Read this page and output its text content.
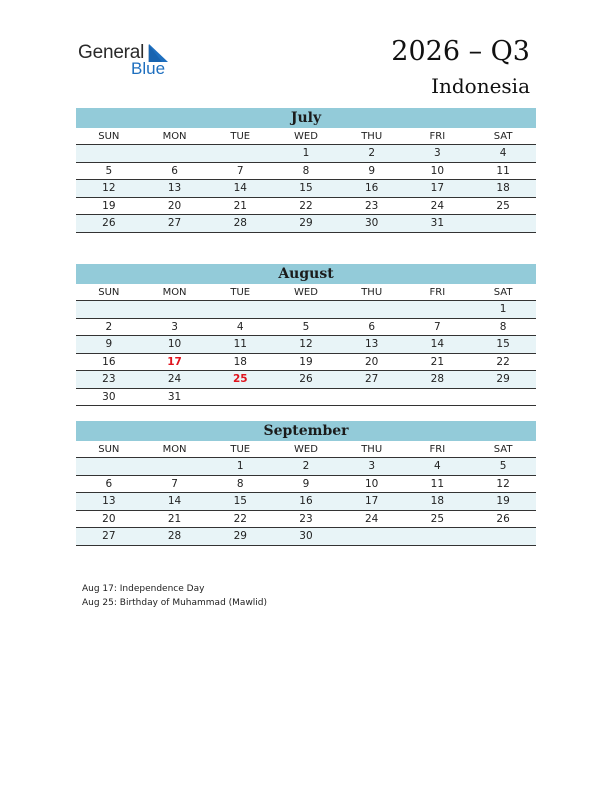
General
Blue
2026 – Q3
Indonesia
July
SUN	MON	TUE	WED	THU	FRI	SAT
			1	2	3	4
5	6	7	8	9	10	11
12	13	14	15	16	17	18
19	20	21	22	23	24	25
26	27	28	29	30	31	
August
SUN	MON	TUE	WED	THU	FRI	SAT
						1
2	3	4	5	6	7	8
9	10	11	12	13	14	15
16	17	18	19	20	21	22
23	24	25	26	27	28	29
30	31					
September
SUN	MON	TUE	WED	THU	FRI	SAT
		1	2	3	4	5
6	7	8	9	10	11	12
13	14	15	16	17	18	19
20	21	22	23	24	25	26
27	28	29	30			
Aug 17: Independence Day
Aug 25: Birthday of Muhammad (Mawlid)
